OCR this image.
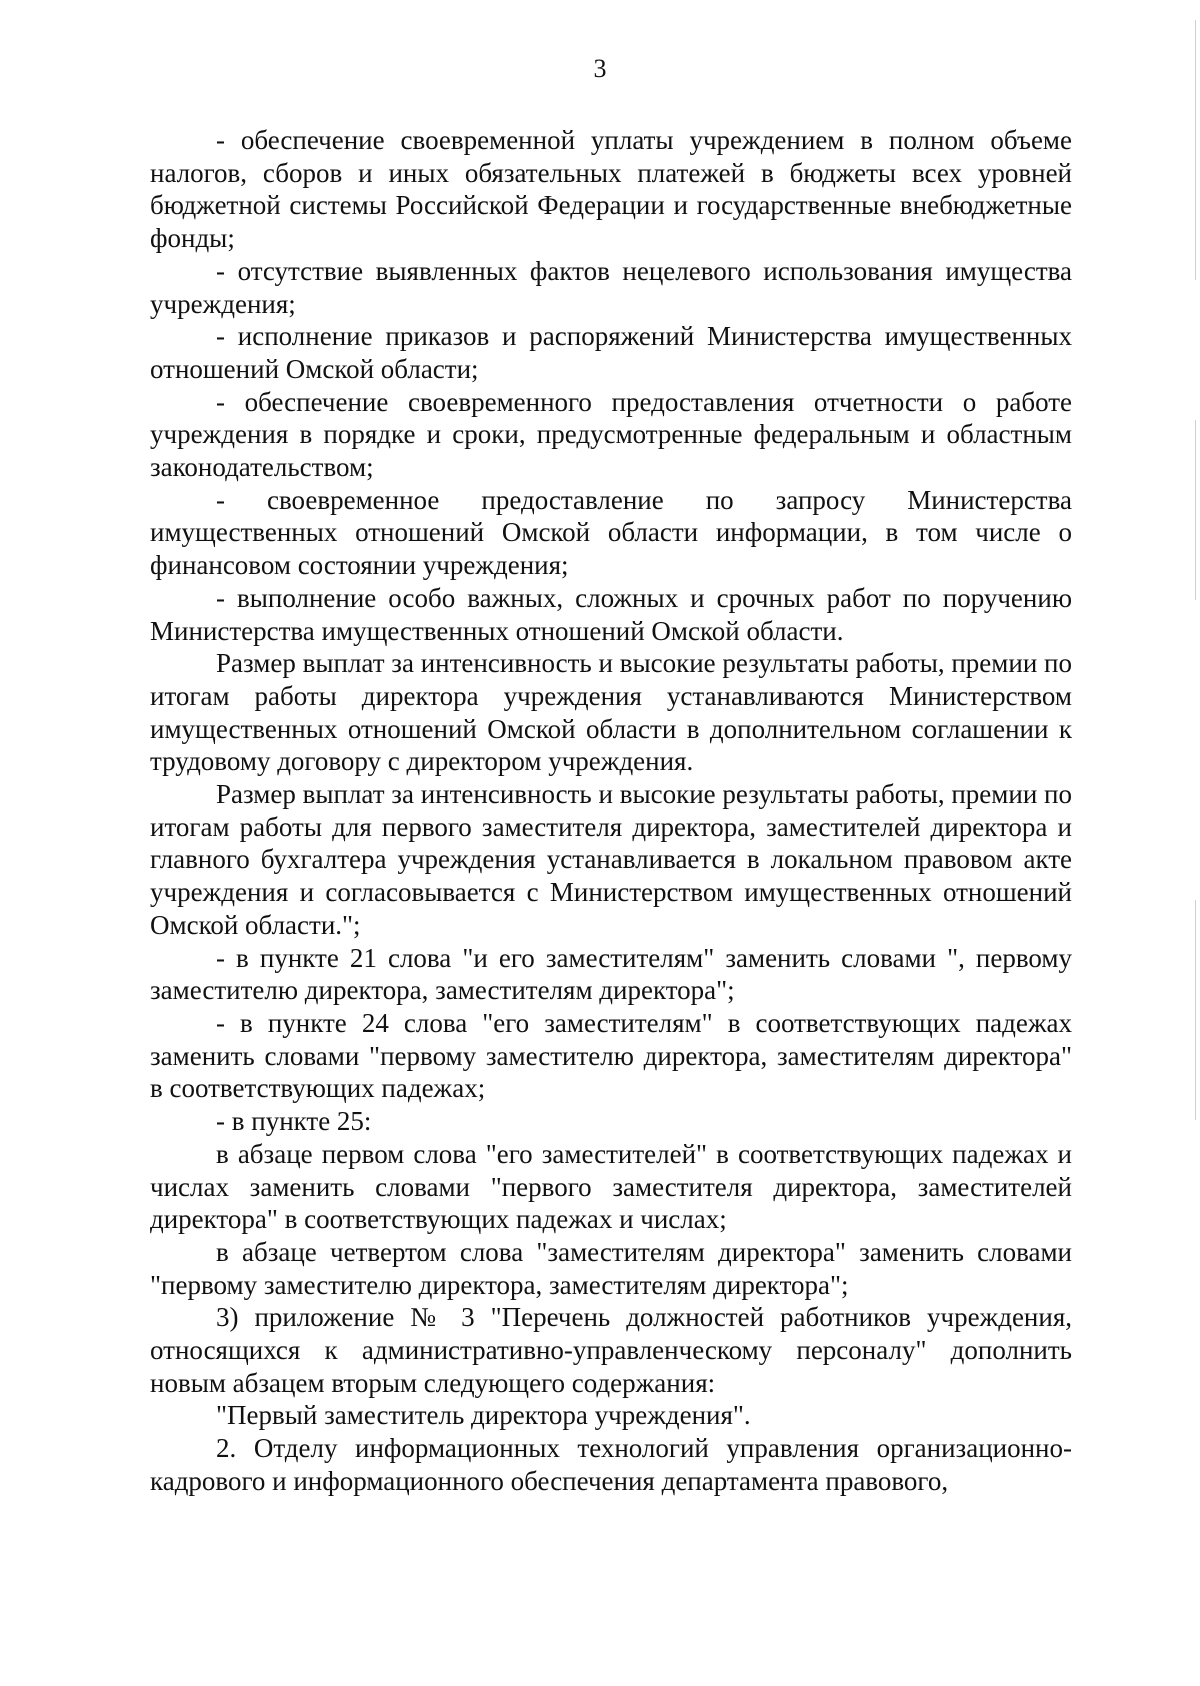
3

- обеспечение своевременной уплаты учреждением в полном объеме налогов, сборов и иных обязательных платежей в бюджеты всех уровней бюджетной системы Российской Федерации и государственные внебюджетные фонды;

- отсутствие выявленных фактов нецелевого использования имущества учреждения;

- исполнение приказов и распоряжений Министерства имущественных отношений Омской области;

- обеспечение своевременного предоставления отчетности о работе учреждения в порядке и сроки, предусмотренные федеральным и областным законодательством;

- своевременное предоставление по запросу Министерства имущественных отношений Омской области информации, в том числе о финансовом состоянии учреждения;

- выполнение особо важных, сложных и срочных работ по поручению Министерства имущественных отношений Омской области.

Размер выплат за интенсивность и высокие результаты работы, премии по итогам работы директора учреждения устанавливаются Министерством имущественных отношений Омской области в дополнительном соглашении к трудовому договору с директором учреждения.

Размер выплат за интенсивность и высокие результаты работы, премии по итогам работы для первого заместителя директора, заместителей директора и главного бухгалтера учреждения устанавливается в локальном правовом акте учреждения и согласовывается с Министерством имущественных отношений Омской области.";

- в пункте 21 слова "и его заместителям" заменить словами ", первому заместителю директора, заместителям директора";

- в пункте 24 слова "его заместителям" в соответствующих падежах заменить словами "первому заместителю директора, заместителям директора" в соответствующих падежах;

- в пункте 25:

в абзаце первом слова "его заместителей" в соответствующих падежах и числах заменить словами "первого заместителя директора, заместителей директора" в соответствующих падежах и числах;

в абзаце четвертом слова "заместителям директора" заменить словами "первому заместителю директора, заместителям директора";

3) приложение № 3 "Перечень должностей работников учреждения, относящихся к административно-управленческому персоналу" дополнить новым абзацем вторым следующего содержания:

"Первый заместитель директора учреждения".

2. Отделу информационных технологий управления организационно-кадрового и информационного обеспечения департамента правового,
